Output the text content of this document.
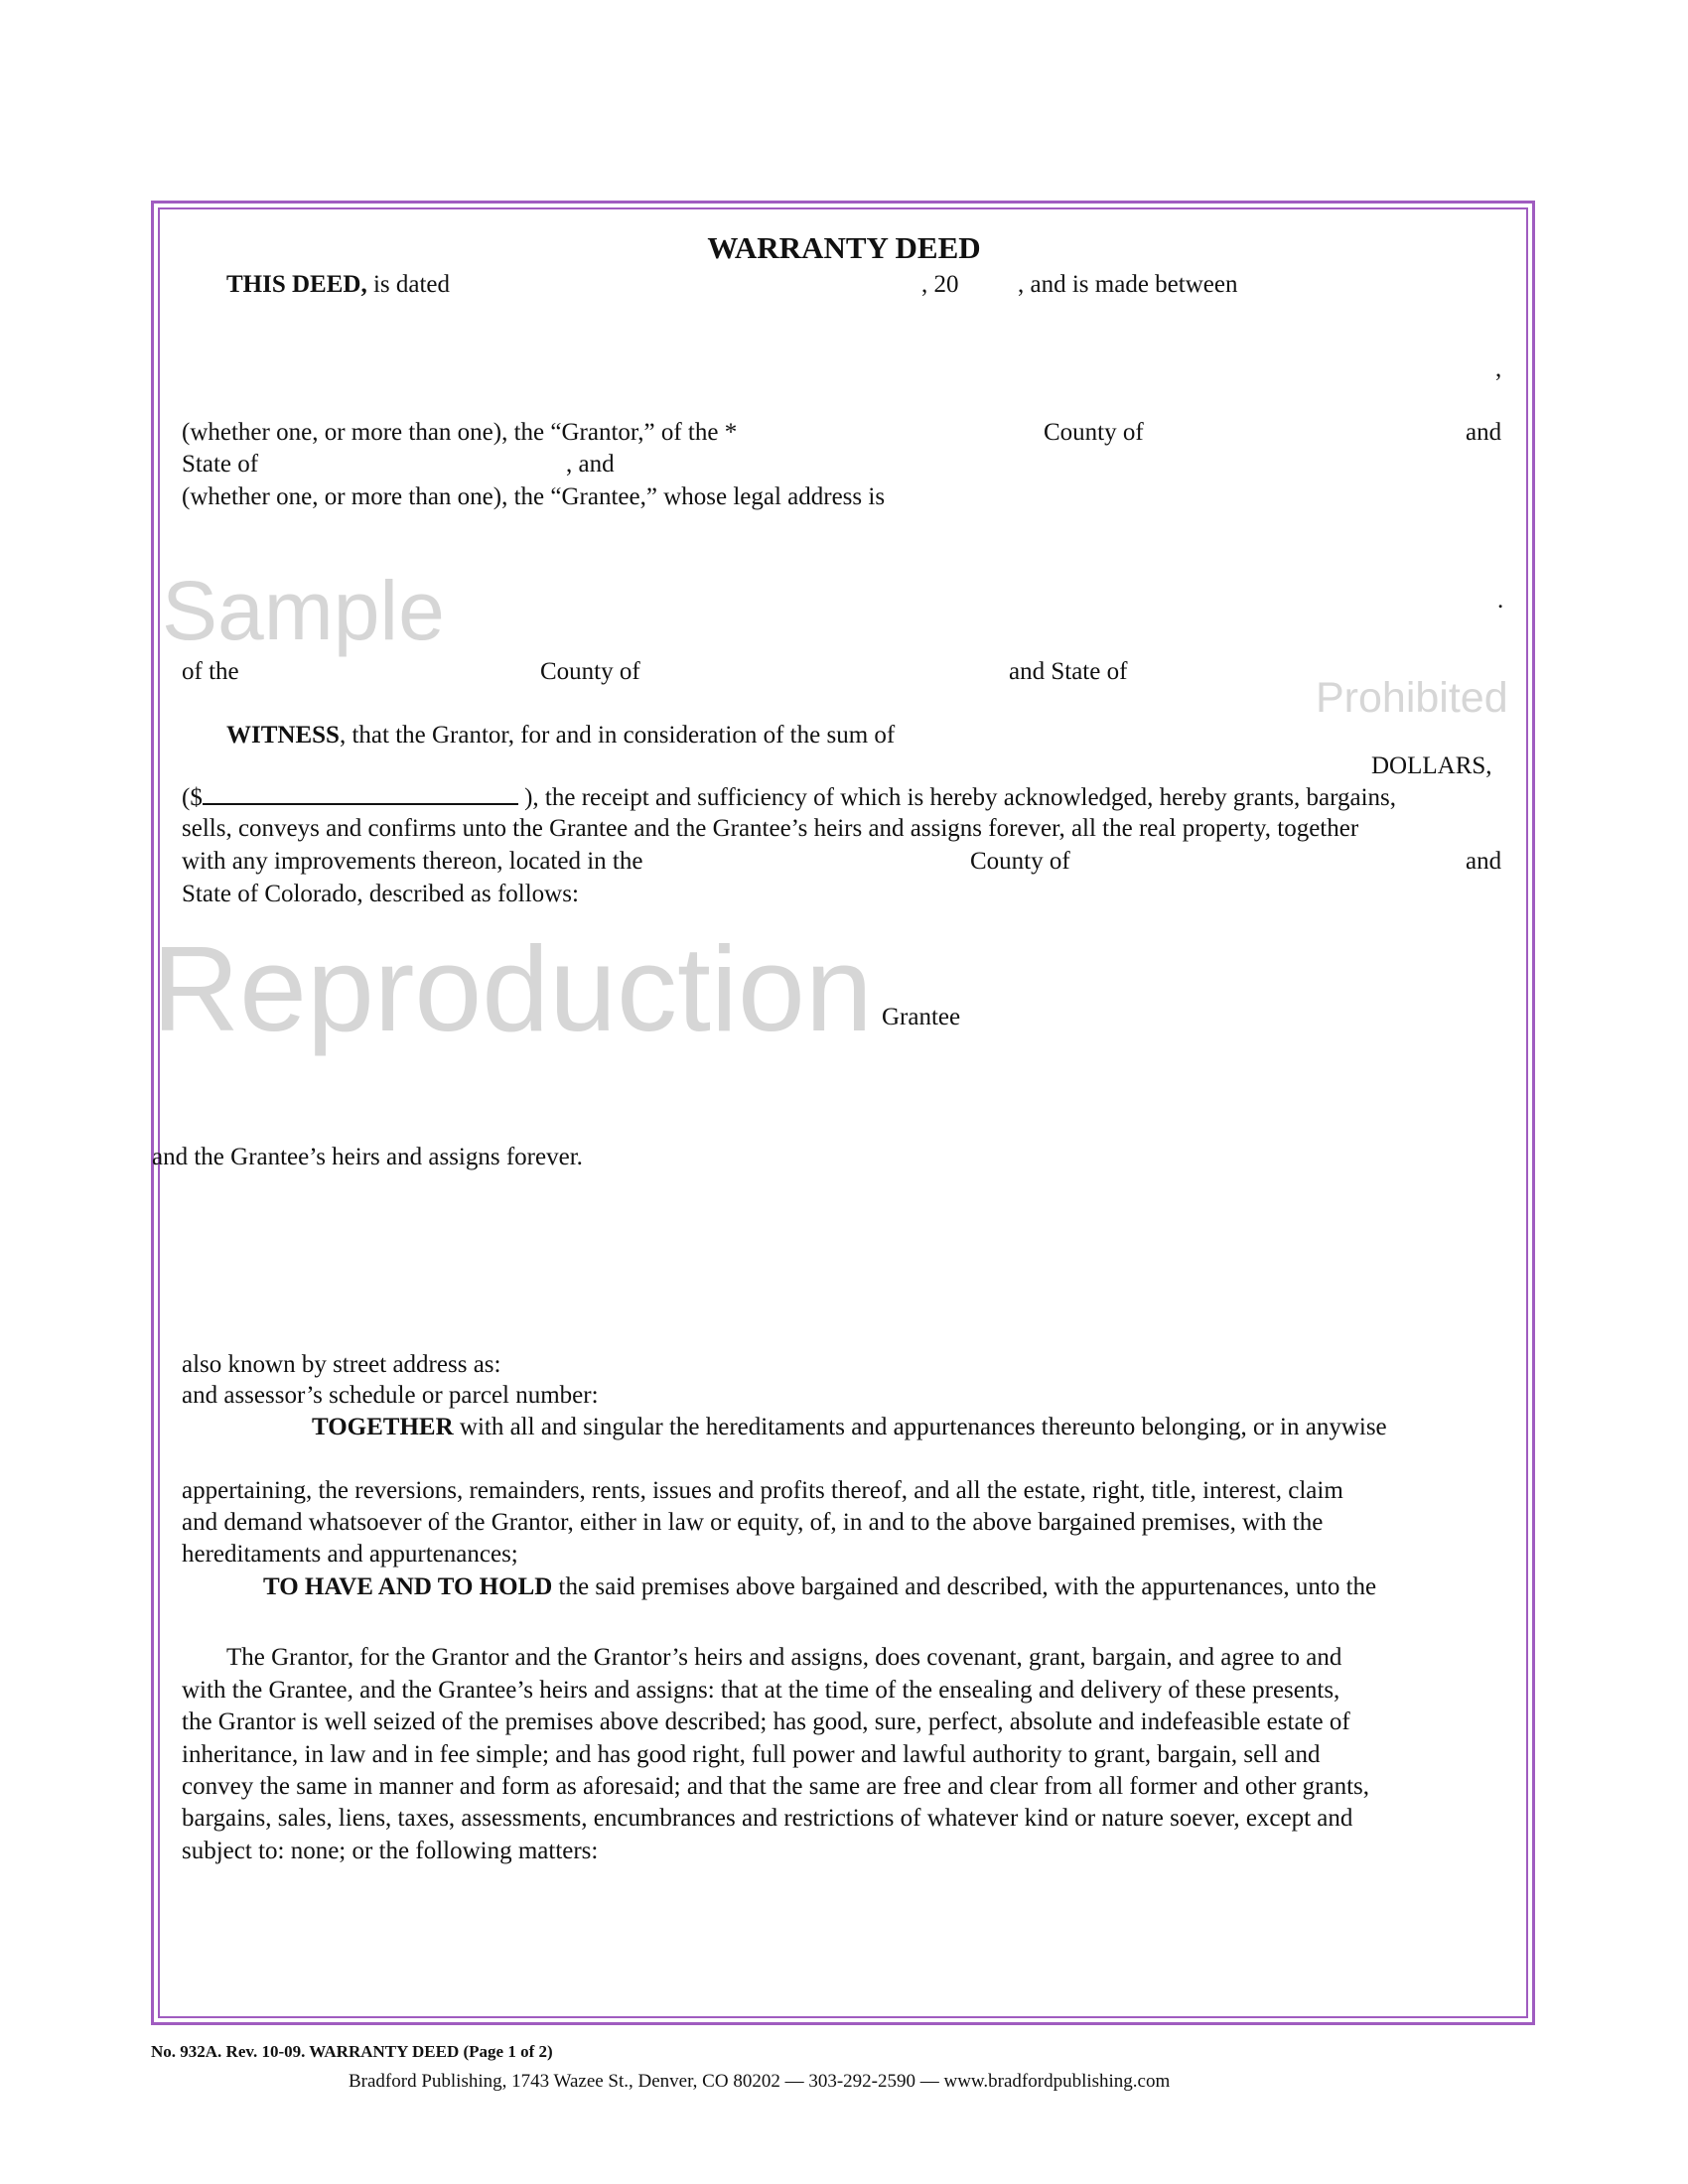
Sample
Prohibited
Reproduction
WARRANTY DEED
THIS DEED, is dated	, 20 , and is made between
,
(whether one, or more than one), the “Grantor,” of the *	County of	and
State of	, and
(whether one, or more than one), the “Grantee,” whose legal address is
.
of the	County of	and State of
WITNESS, that the Grantor, for and in consideration of the sum of
DOLLARS,
($	), the receipt and sufficiency of which is hereby acknowledged, hereby grants, bargains,
sells, conveys and confirms unto the Grantee and the Grantee’s heirs and assigns forever, all the real property, together
with any improvements thereon, located in the	County of	and
State of Colorado, described as follows:
Grantee
and the Grantee’s heirs and assigns forever.
also known by street address as:
and assessor’s schedule or parcel number:
TOGETHER with all and singular the hereditaments and appurtenances thereunto belonging, or in anywise
appertaining, the reversions, remainders, rents, issues and profits thereof, and all the estate, right, title, interest, claim
and demand whatsoever of the Grantor, either in law or equity, of, in and to the above bargained premises, with the
hereditaments and appurtenances;
TO HAVE AND TO HOLD the said premises above bargained and described, with the appurtenances, unto the
The Grantor, for the Grantor and the Grantor’s heirs and assigns, does covenant, grant, bargain, and agree to and
with the Grantee, and the Grantee’s heirs and assigns: that at the time of the ensealing and delivery of these presents,
the Grantor is well seized of the premises above described; has good, sure, perfect, absolute and indefeasible estate of
inheritance, in law and in fee simple; and has good right, full power and lawful authority to grant, bargain, sell and
convey the same in manner and form as aforesaid; and that the same are free and clear from all former and other grants,
bargains, sales, liens, taxes, assessments, encumbrances and restrictions of whatever kind or nature soever, except and
subject to: none; or the following matters:
No. 932A. Rev. 10-09. WARRANTY DEED (Page 1 of 2)
Bradford Publishing, 1743 Wazee St., Denver, CO 80202 — 303-292-2590 — www.bradfordpublishing.com
